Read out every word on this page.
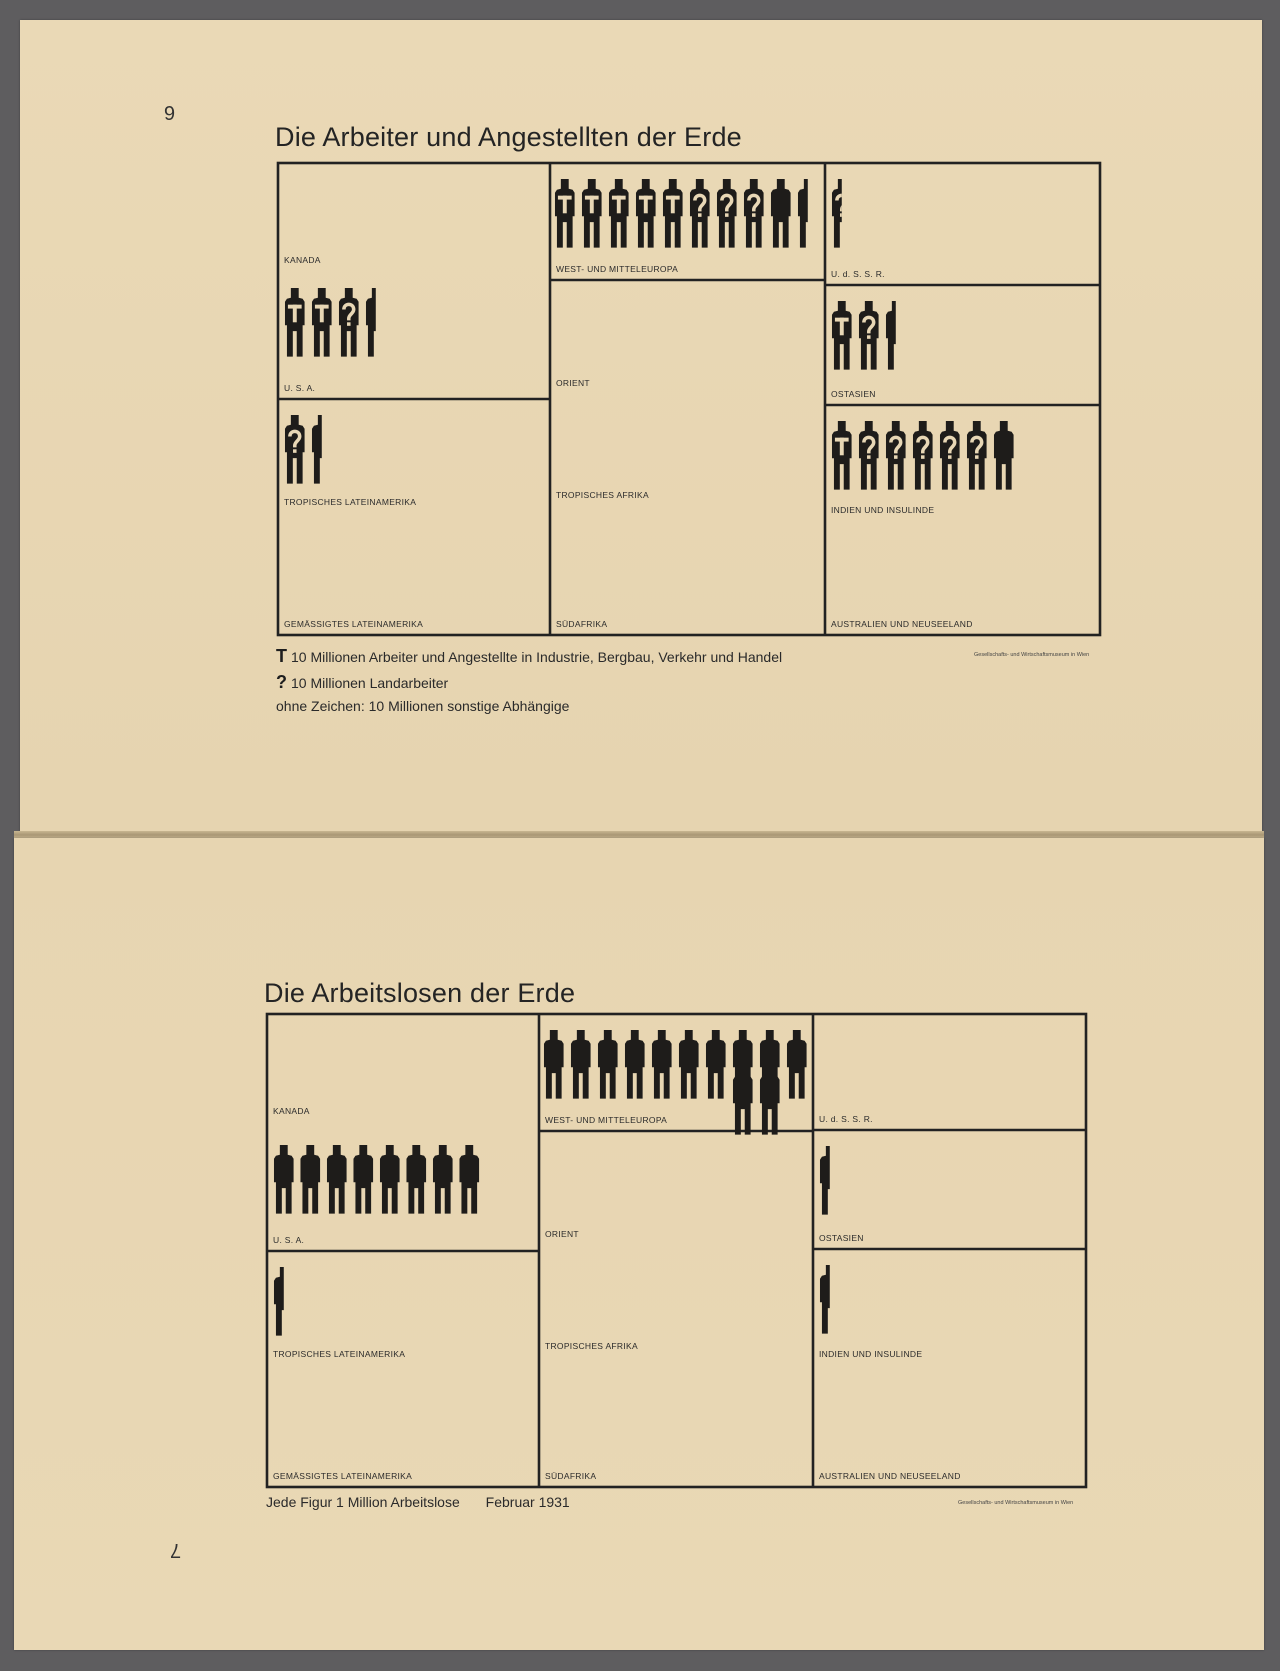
6
7
Die Arbeiter und Angestellten der Erde
KANADA
U. S. A.
TROPISCHES LATEINAMERIKA
GEMÄSSIGTES LATEINAMERIKA
WEST- UND MITTELEUROPA
ORIENT
TROPISCHES AFRIKA
SÜDAFRIKA
U. d. S. S. R.
OSTASIEN
INDIEN UND INSULINDE
AUSTRALIEN UND NEUSEELAND
T 10 Millionen Arbeiter und Angestellte in Industrie, Bergbau, Verkehr und Handel
? 10 Millionen Landarbeiter
ohne Zeichen: 10 Millionen sonstige Abhängige
Gesellschafts- und Wirtschaftsmuseum in Wien
Die Arbeitslosen der Erde
KANADA
U. S. A.
TROPISCHES LATEINAMERIKA
GEMÄSSIGTES LATEINAMERIKA
WEST- UND MITTELEUROPA
ORIENT
TROPISCHES AFRIKA
SÜDAFRIKA
U. d. S. S. R.
OSTASIEN
INDIEN UND INSULINDE
AUSTRALIEN UND NEUSEELAND
Jede Figur 1 Million Arbeitslose Februar 1931	Gesellschafts- und Wirtschaftsmuseum in Wien
